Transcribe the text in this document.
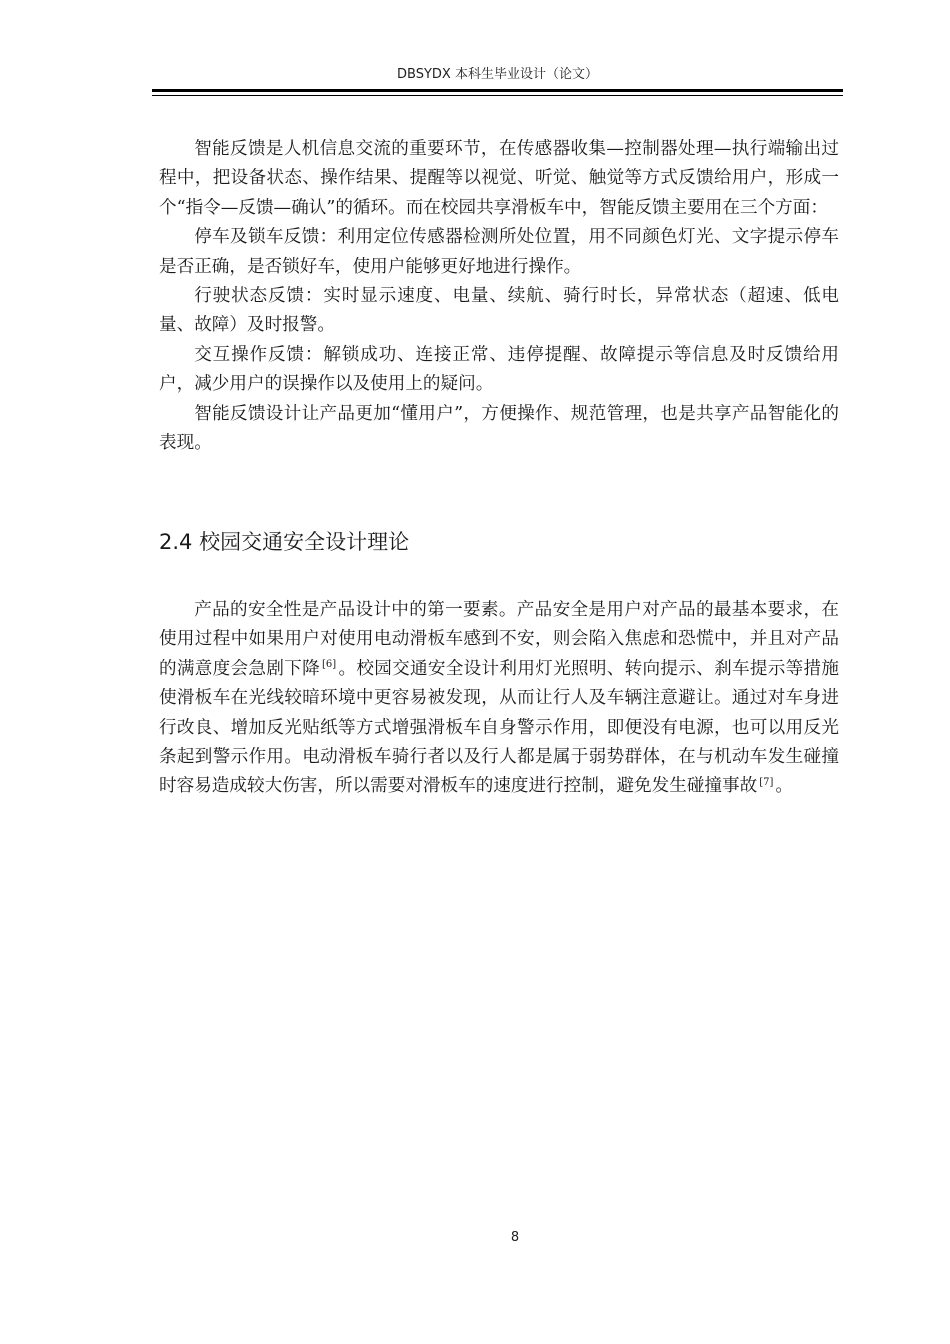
DBSYDX 本科生毕业设计（论文）

智能反馈是人机信息交流的重要环节，在传感器收集—控制器处理—执行端输出过程中，把设备状态、操作结果、提醒等以视觉、听觉、触觉等方式反馈给用户，形成一个“指令—反馈—确认”的循环。而在校园共享滑板车中，智能反馈主要用在三个方面：

停车及锁车反馈：利用定位传感器检测所处位置，用不同颜色灯光、文字提示停车是否正确，是否锁好车，使用户能够更好地进行操作。

行驶状态反馈：实时显示速度、电量、续航、骑行时长，异常状态（超速、低电量、故障）及时报警。

交互操作反馈：解锁成功、连接正常、违停提醒、故障提示等信息及时反馈给用户，减少用户的误操作以及使用上的疑问。

智能反馈设计让产品更加“懂用户”，方便操作、规范管理，也是共享产品智能化的表现。

2.4 校园交通安全设计理论

产品的安全性是产品设计中的第一要素。产品安全是用户对产品的最基本要求，在使用过程中如果用户对使用电动滑板车感到不安，则会陷入焦虑和恐慌中，并且对产品的满意度会急剧下降 [6] 。校园交通安全设计利用灯光照明、转向提示、刹车提示等措施使滑板车在光线较暗环境中更容易被发现，从而让行人及车辆注意避让。通过对车身进行改良、增加反光贴纸等方式增强滑板车自身警示作用，即便没有电源，也可以用反光条起到警示作用。电动滑板车骑行者以及行人都是属于弱势群体，在与机动车发生碰撞时容易造成较大伤害，所以需要对滑板车的速度进行控制，避免发生碰撞事故 [7] 。

8
